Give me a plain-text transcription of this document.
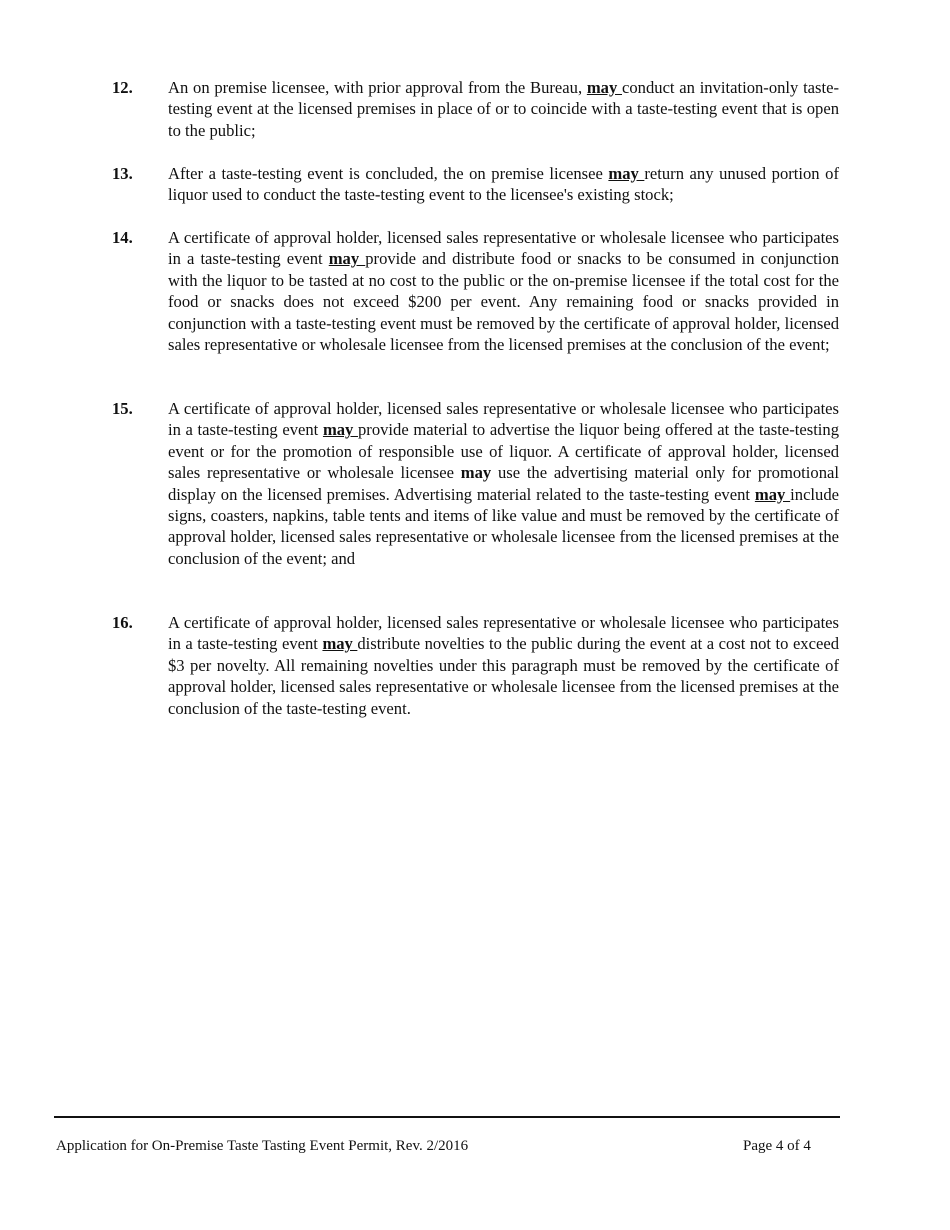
12.	An on premise licensee, with prior approval from the Bureau, may conduct an invitation-only taste-testing event at the licensed premises in place of or to coincide with a taste-testing event that is open to the public;
13.	After a taste-testing event is concluded, the on premise licensee may return any unused portion of liquor used to conduct the taste-testing event to the licensee's existing stock;
14.	A certificate of approval holder, licensed sales representative or wholesale licensee who participates in a taste-testing event may provide and distribute food or snacks to be consumed in conjunction with the liquor to be tasted at no cost to the public or the on-premise licensee if the total cost for the food or snacks does not exceed $200 per event. Any remaining food or snacks provided in conjunction with a taste-testing event must be removed by the certificate of approval holder, licensed sales representative or wholesale licensee from the licensed premises at the conclusion of the event;
15.	A certificate of approval holder, licensed sales representative or wholesale licensee who participates in a taste-testing event may provide material to advertise the liquor being offered at the taste-testing event or for the promotion of responsible use of liquor. A certificate of approval holder, licensed sales representative or wholesale licensee may use the advertising material only for promotional display on the licensed premises. Advertising material related to the taste-testing event may include signs, coasters, napkins, table tents and items of like value and must be removed by the certificate of approval holder, licensed sales representative or wholesale licensee from the licensed premises at the conclusion of the event; and
16.	A certificate of approval holder, licensed sales representative or wholesale licensee who participates in a taste-testing event may distribute novelties to the public during the event at a cost not to exceed $3 per novelty. All remaining novelties under this paragraph must be removed by the certificate of approval holder, licensed sales representative or wholesale licensee from the licensed premises at the conclusion of the taste-testing event.
Application for On-Premise Taste Tasting Event Permit, Rev. 2/2016	Page 4 of 4
